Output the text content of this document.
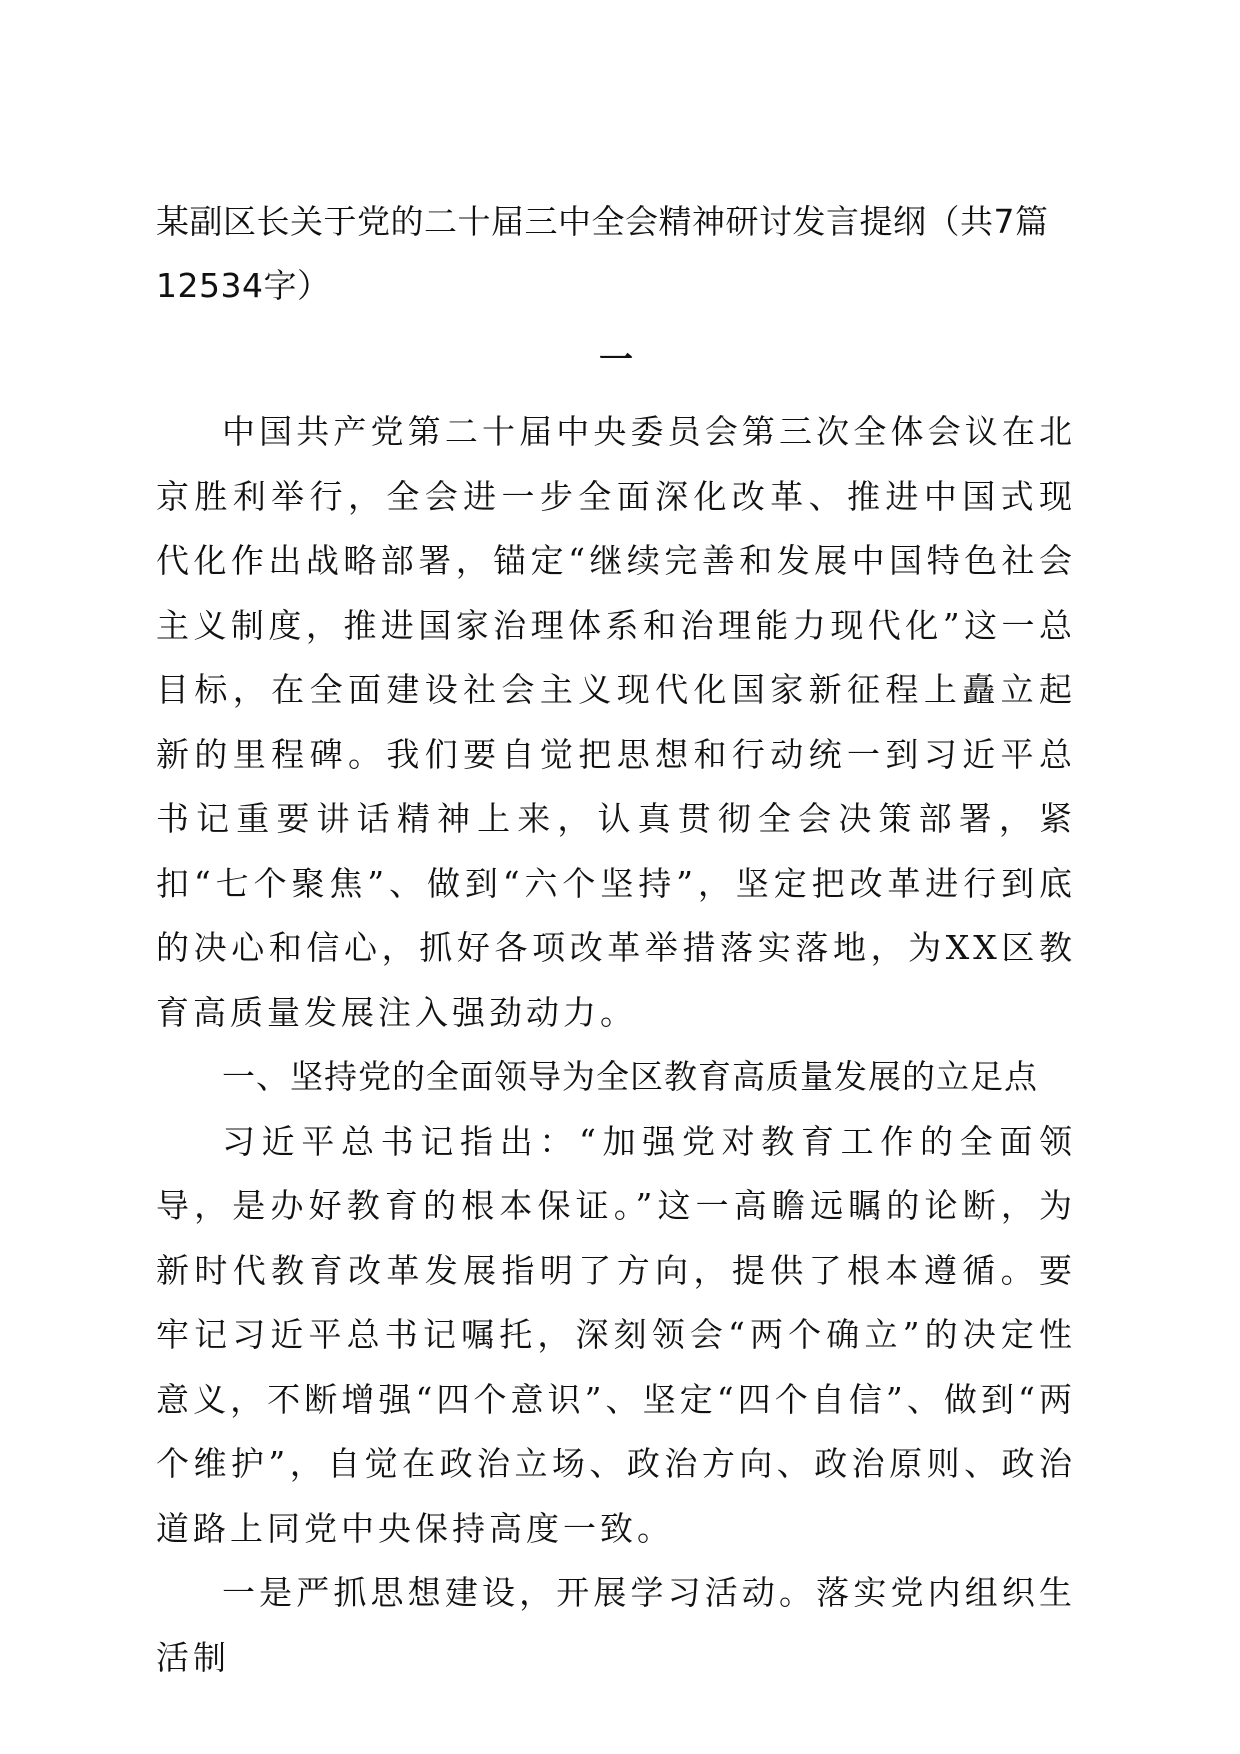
某副区长关于党的二十届三中全会精神研讨发言提纲（共7篇12534字）
一

中国共产党第二十届中央委员会第三次全体会议在北京胜利举行，全会进一步全面深化改革、推进中国式现代化作出战略部署，锚定“继续完善和发展中国特色社会主义制度，推进国家治理体系和治理能力现代化”这一总目标，在全面建设社会主义现代化国家新征程上矗立起新的里程碑。我们要自觉把思想和行动统一到习近平总书记重要讲话精神上来，认真贯彻全会决策部署，紧扣“七个聚焦”、做到“六个坚持”，坚定把改革进行到底的决心和信心，抓好各项改革举措落实落地，为XX区教育高质量发展注入强劲动力。

一、坚持党的全面领导为全区教育高质量发展的立足点

习近平总书记指出：“加强党对教育工作的全面领导，是办好教育的根本保证。”这一高瞻远瞩的论断，为新时代教育改革发展指明了方向，提供了根本遵循。要牢记习近平总书记嘱托，深刻领会“两个确立”的决定性意义，不断增强“四个意识”、坚定“四个自信”、做到“两个维护”，自觉在政治立场、政治方向、政治原则、政治道路上同党中央保持高度一致。

一是严抓思想建设，开展学习活动。落实党内组织生活制
